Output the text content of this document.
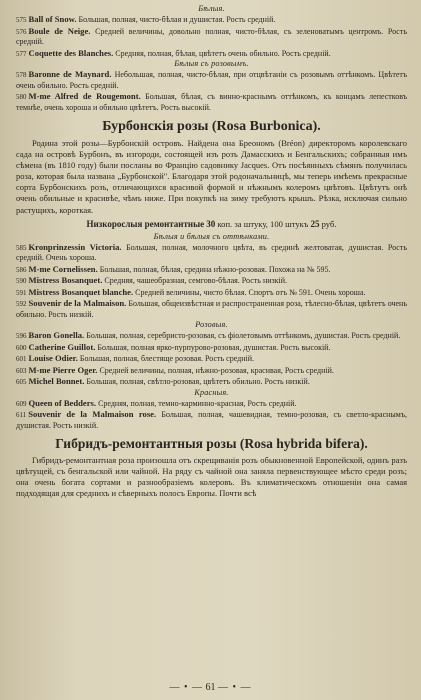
Бѣлыя.

575 Ball of Snow. Большая, полная, чисто-бѣлая и душистая. Рость средній.

576 Boule de Neige. Средней величины, довольно полная, чисто-бѣлая, съ зеленоватымъ центромъ. Рость средній.

577 Coquette des Blanches. Средняя, полная, бѣлая, цвѣтетъ очень обильно. Рость средній.

Бѣлыя съ розовымъ.

578 Baronne de Maynard. Небольшая, полная, чисто-бѣлая, при отцвѣтаніи съ розовымъ оттѣнкомъ. Цвѣтетъ очень обильно. Рость средній.

580 M-me Alfred de Rougemont. Большая, бѣлая, съ винно-краснымъ оттѣнкомъ, къ концамъ лепестковъ темнѣе, очень хороша и обильно цвѣтетъ. Рость высокій.

Бурбонскія розы (Rosa Burbonica).

Родина этой розы—Бурбонскій островъ. Найдена она Бреономъ (Bréon) директоромъ королевскаго сада на островѣ Бурбонъ, въ изгороди, состоящей изъ розъ Дамасскихъ и Бенгальскихъ; собранныя имъ сѣмена (въ 1810 году) были посланы во Францію садовнику Jacques. Отъ посѣянныхъ сѣмянъ получилась роза, которая была названа „Бурбонской". Благодаря этой родоначальницѣ, мы теперь имѣемъ прекрасные сорта Бурбонскихъ розъ, отличающихся красивой формой и нѣжнымъ колеромъ цвѣтовъ. Цвѣтутъ онѣ очень обильные и красивѣе, чѣмъ ниже. При покупкѣ на зиму требуютъ крышъ. Рѣзка, исключая сильно растущихъ, короткая.

Низкорослыя ремонтантные 30 коп. за штуку, 100 штукъ 25 руб.

Бѣлыя и бѣлыя съ оттѣнками.

585 Kronprinzessin Victoria. Большая, полная, молочного цвѣта, въ срединѣ желтоватая, душистая. Рость средній. Очень хороша.

586 M-me Cornelissen. Большая, полная, бѣлая, средина нѣжно-розовая. Похожа на № 595.

590 Mistress Bosanquet. Средняя, чашеобразная, семгово-бѣлая. Рость низкій.

591 Mistress Bosanquet blanche. Средней величины, чисто бѣлая. Спортъ отъ № 591. Очень хороша.

592 Souvenir de la Malmaison. Большая, общеизвѣстная и распространенная роза, тѣлесно-бѣлая, цвѣтетъ очень обильно. Рость низкій.

Розовыя.

596 Baron Gonella. Большая, полная, серебристо-розовая, съ фіолетовымъ оттѣнкомъ, душистая. Рость средній.

600 Catherine Guillot. Большая, полная ярко-пурпурово-розовая, душистая. Рость высокій.

601 Louise Odier. Большая, полная, блестяще розовая. Рость средній.

603 M-me Pierre Oger. Средней величины, полная, нѣжно-розовая, красивая, Рость средній.

605 Michel Bonnet. Большая, полная, свѣтло-розовая, цвѣтетъ обильно. Рость низкій.

Красныя.

609 Queen of Bedders. Средняя, полная, темно-карминно-красная, Рость средній.

611 Souvenir de la Malmaison rose. Большая, полная, чашевидная, темно-розовая, съ светло-краснымъ, душистая. Рость низкій.

Гибридъ-ремонтантныя розы (Rosa hybrida bifera).

Гибридъ-ремонтантная роза произошла отъ скрещиванія розъ обыкновенной Европейской, одинъ разъ цвѣтущей, съ бенгальской или чайной. На ряду съ чайной она заняла первенствующее мѣсто среди розъ; она очень богата сортами и разнообразіемъ колеровъ. Въ климатическомъ отношеніи она самая подходящая для среднихъ и сѣверныхъ полосъ Европы. Почти всѣ

— • — 61 — • —
